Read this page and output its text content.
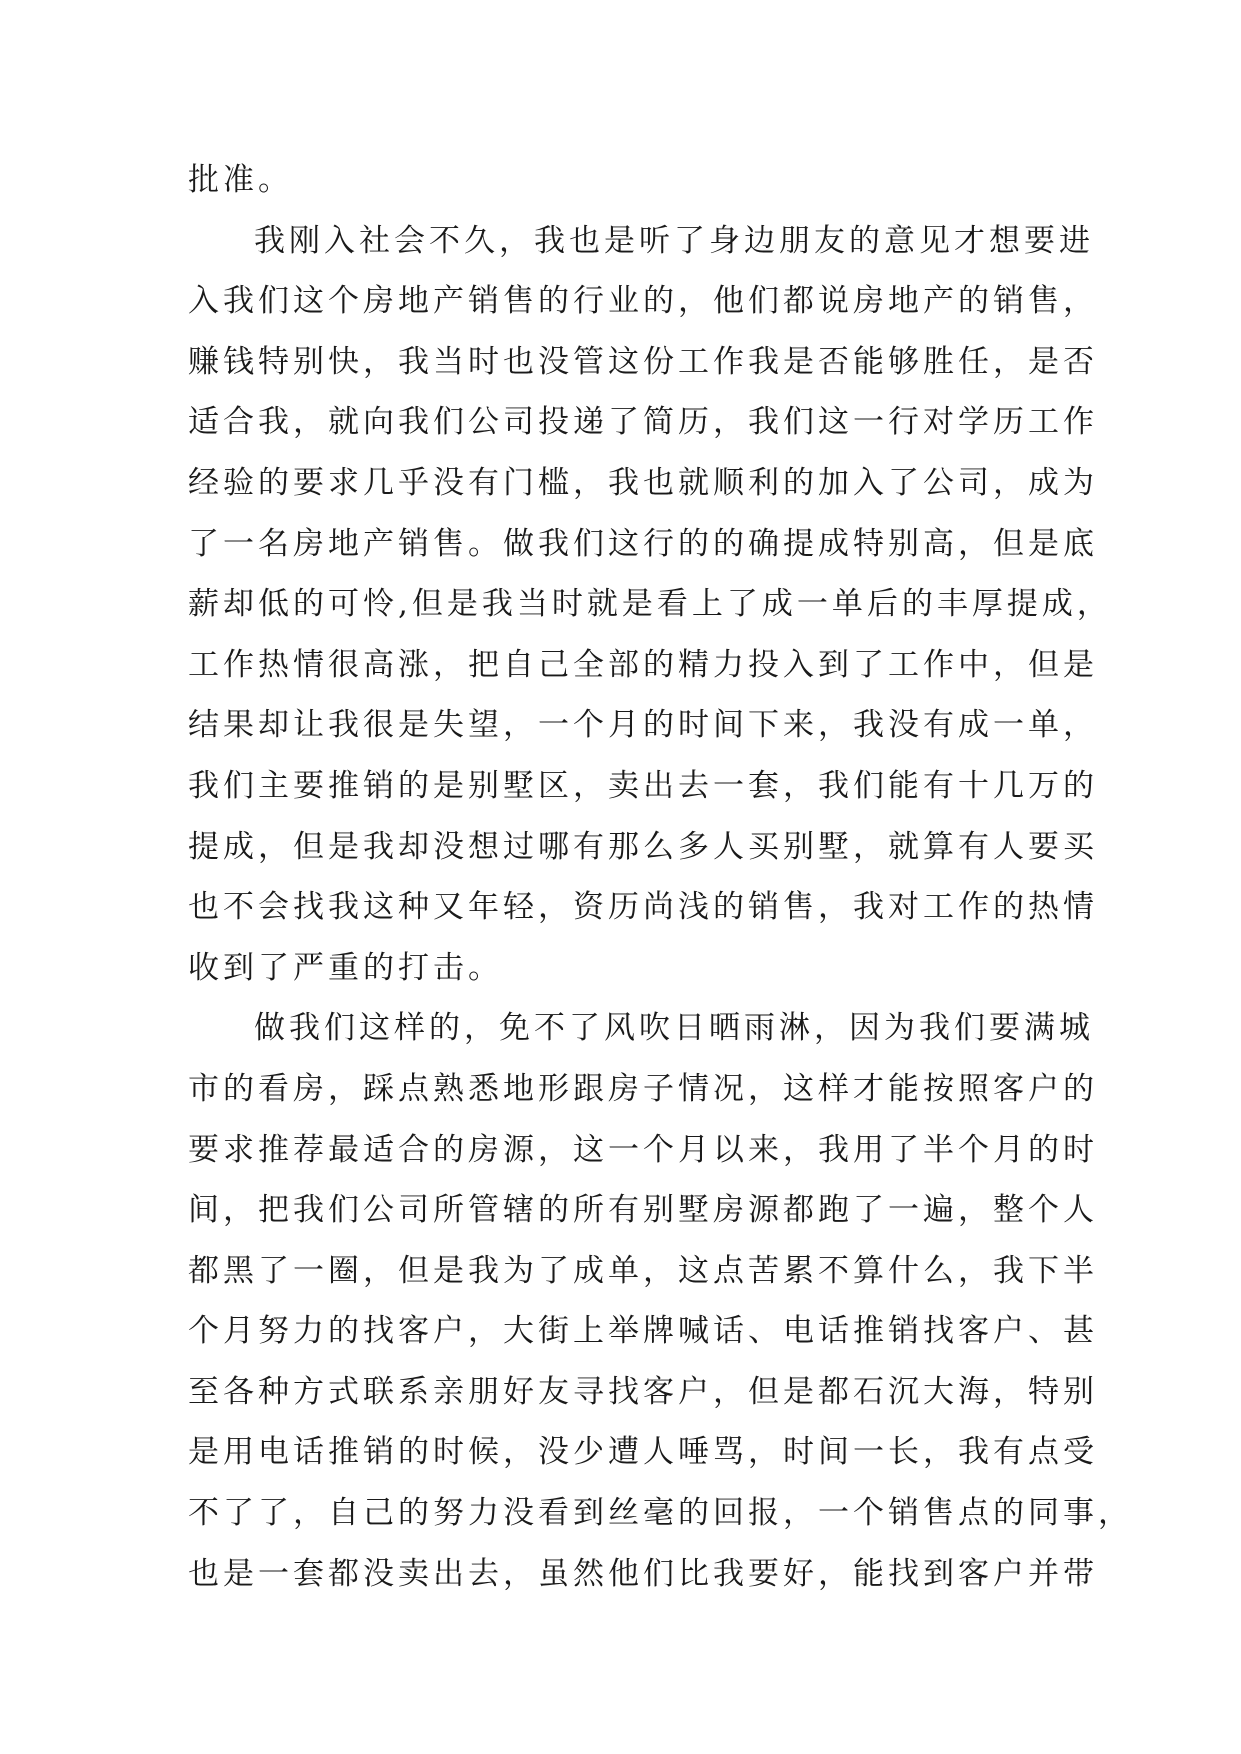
批准。
我刚入社会不久，我也是听了身边朋友的意见才想要进
入我们这个房地产销售的行业的，他们都说房地产的销售，
赚钱特别快，我当时也没管这份工作我是否能够胜任，是否
适合我，就向我们公司投递了简历，我们这一行对学历工作
经验的要求几乎没有门槛，我也就顺利的加入了公司，成为
了一名房地产销售。做我们这行的的确提成特别高，但是底
薪却低的可怜,但是我当时就是看上了成一单后的丰厚提成，
工作热情很高涨，把自己全部的精力投入到了工作中，但是
结果却让我很是失望，一个月的时间下来，我没有成一单，
我们主要推销的是别墅区，卖出去一套，我们能有十几万的
提成，但是我却没想过哪有那么多人买别墅，就算有人要买
也不会找我这种又年轻，资历尚浅的销售，我对工作的热情
收到了严重的打击。
做我们这样的，免不了风吹日晒雨淋，因为我们要满城
市的看房，踩点熟悉地形跟房子情况，这样才能按照客户的
要求推荐最适合的房源，这一个月以来，我用了半个月的时
间，把我们公司所管辖的所有别墅房源都跑了一遍，整个人
都黑了一圈，但是我为了成单，这点苦累不算什么，我下半
个月努力的找客户，大街上举牌喊话、电话推销找客户、甚
至各种方式联系亲朋好友寻找客户，但是都石沉大海，特别
是用电话推销的时候，没少遭人唾骂，时间一长，我有点受
不了了，自己的努力没看到丝毫的回报，一个销售点的同事，
也是一套都没卖出去，虽然他们比我要好，能找到客户并带
